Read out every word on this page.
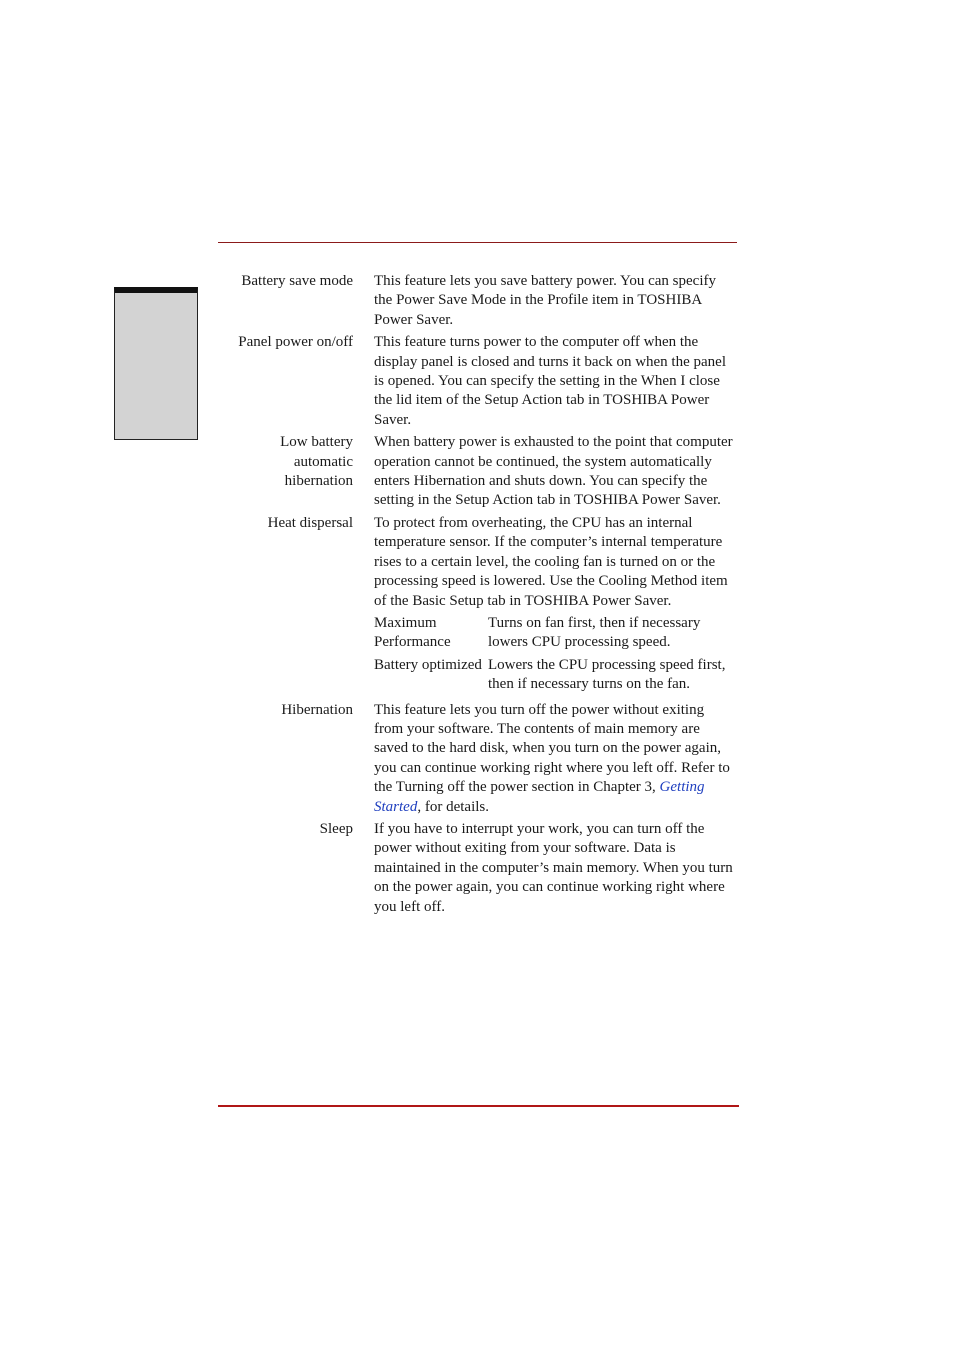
Battery save mode This feature lets you save battery power. You can specify the Power Save Mode in the Profile item in TOSHIBA Power Saver.
Panel power on/off This feature turns power to the computer off when the display panel is closed and turns it back on when the panel is opened. You can specify the setting in the When I close the lid item of the Setup Action tab in TOSHIBA Power Saver.
Low battery automatic hibernation
When battery power is exhausted to the point that computer operation cannot be continued, the system automatically enters Hibernation and shuts down. You can specify the setting in the Setup Action tab in TOSHIBA Power Saver.
Heat dispersal To protect from overheating, the CPU has an internal temperature sensor. If the computer’s internal temperature rises to a certain level, the cooling fan is turned on or the processing speed is lowered. Use the Cooling Method item of the Basic Setup tab in TOSHIBA Power Saver.
Maximum Performance
Turns on fan first, then if necessary lowers CPU processing speed.
Battery optimized Lowers the CPU processing speed first, then if necessary turns on the fan.
Hibernation This feature lets you turn off the power without exiting from your software. The contents of main memory are saved to the hard disk, when you turn on the power again, you can continue working right where you left off. Refer to the Turning off the power section in Chapter 3, Getting Started, for details.
Sleep If you have to interrupt your work, you can turn off the power without exiting from your software. Data is maintained in the computer’s main memory. When you turn on the power again, you can continue working right where you left off.
